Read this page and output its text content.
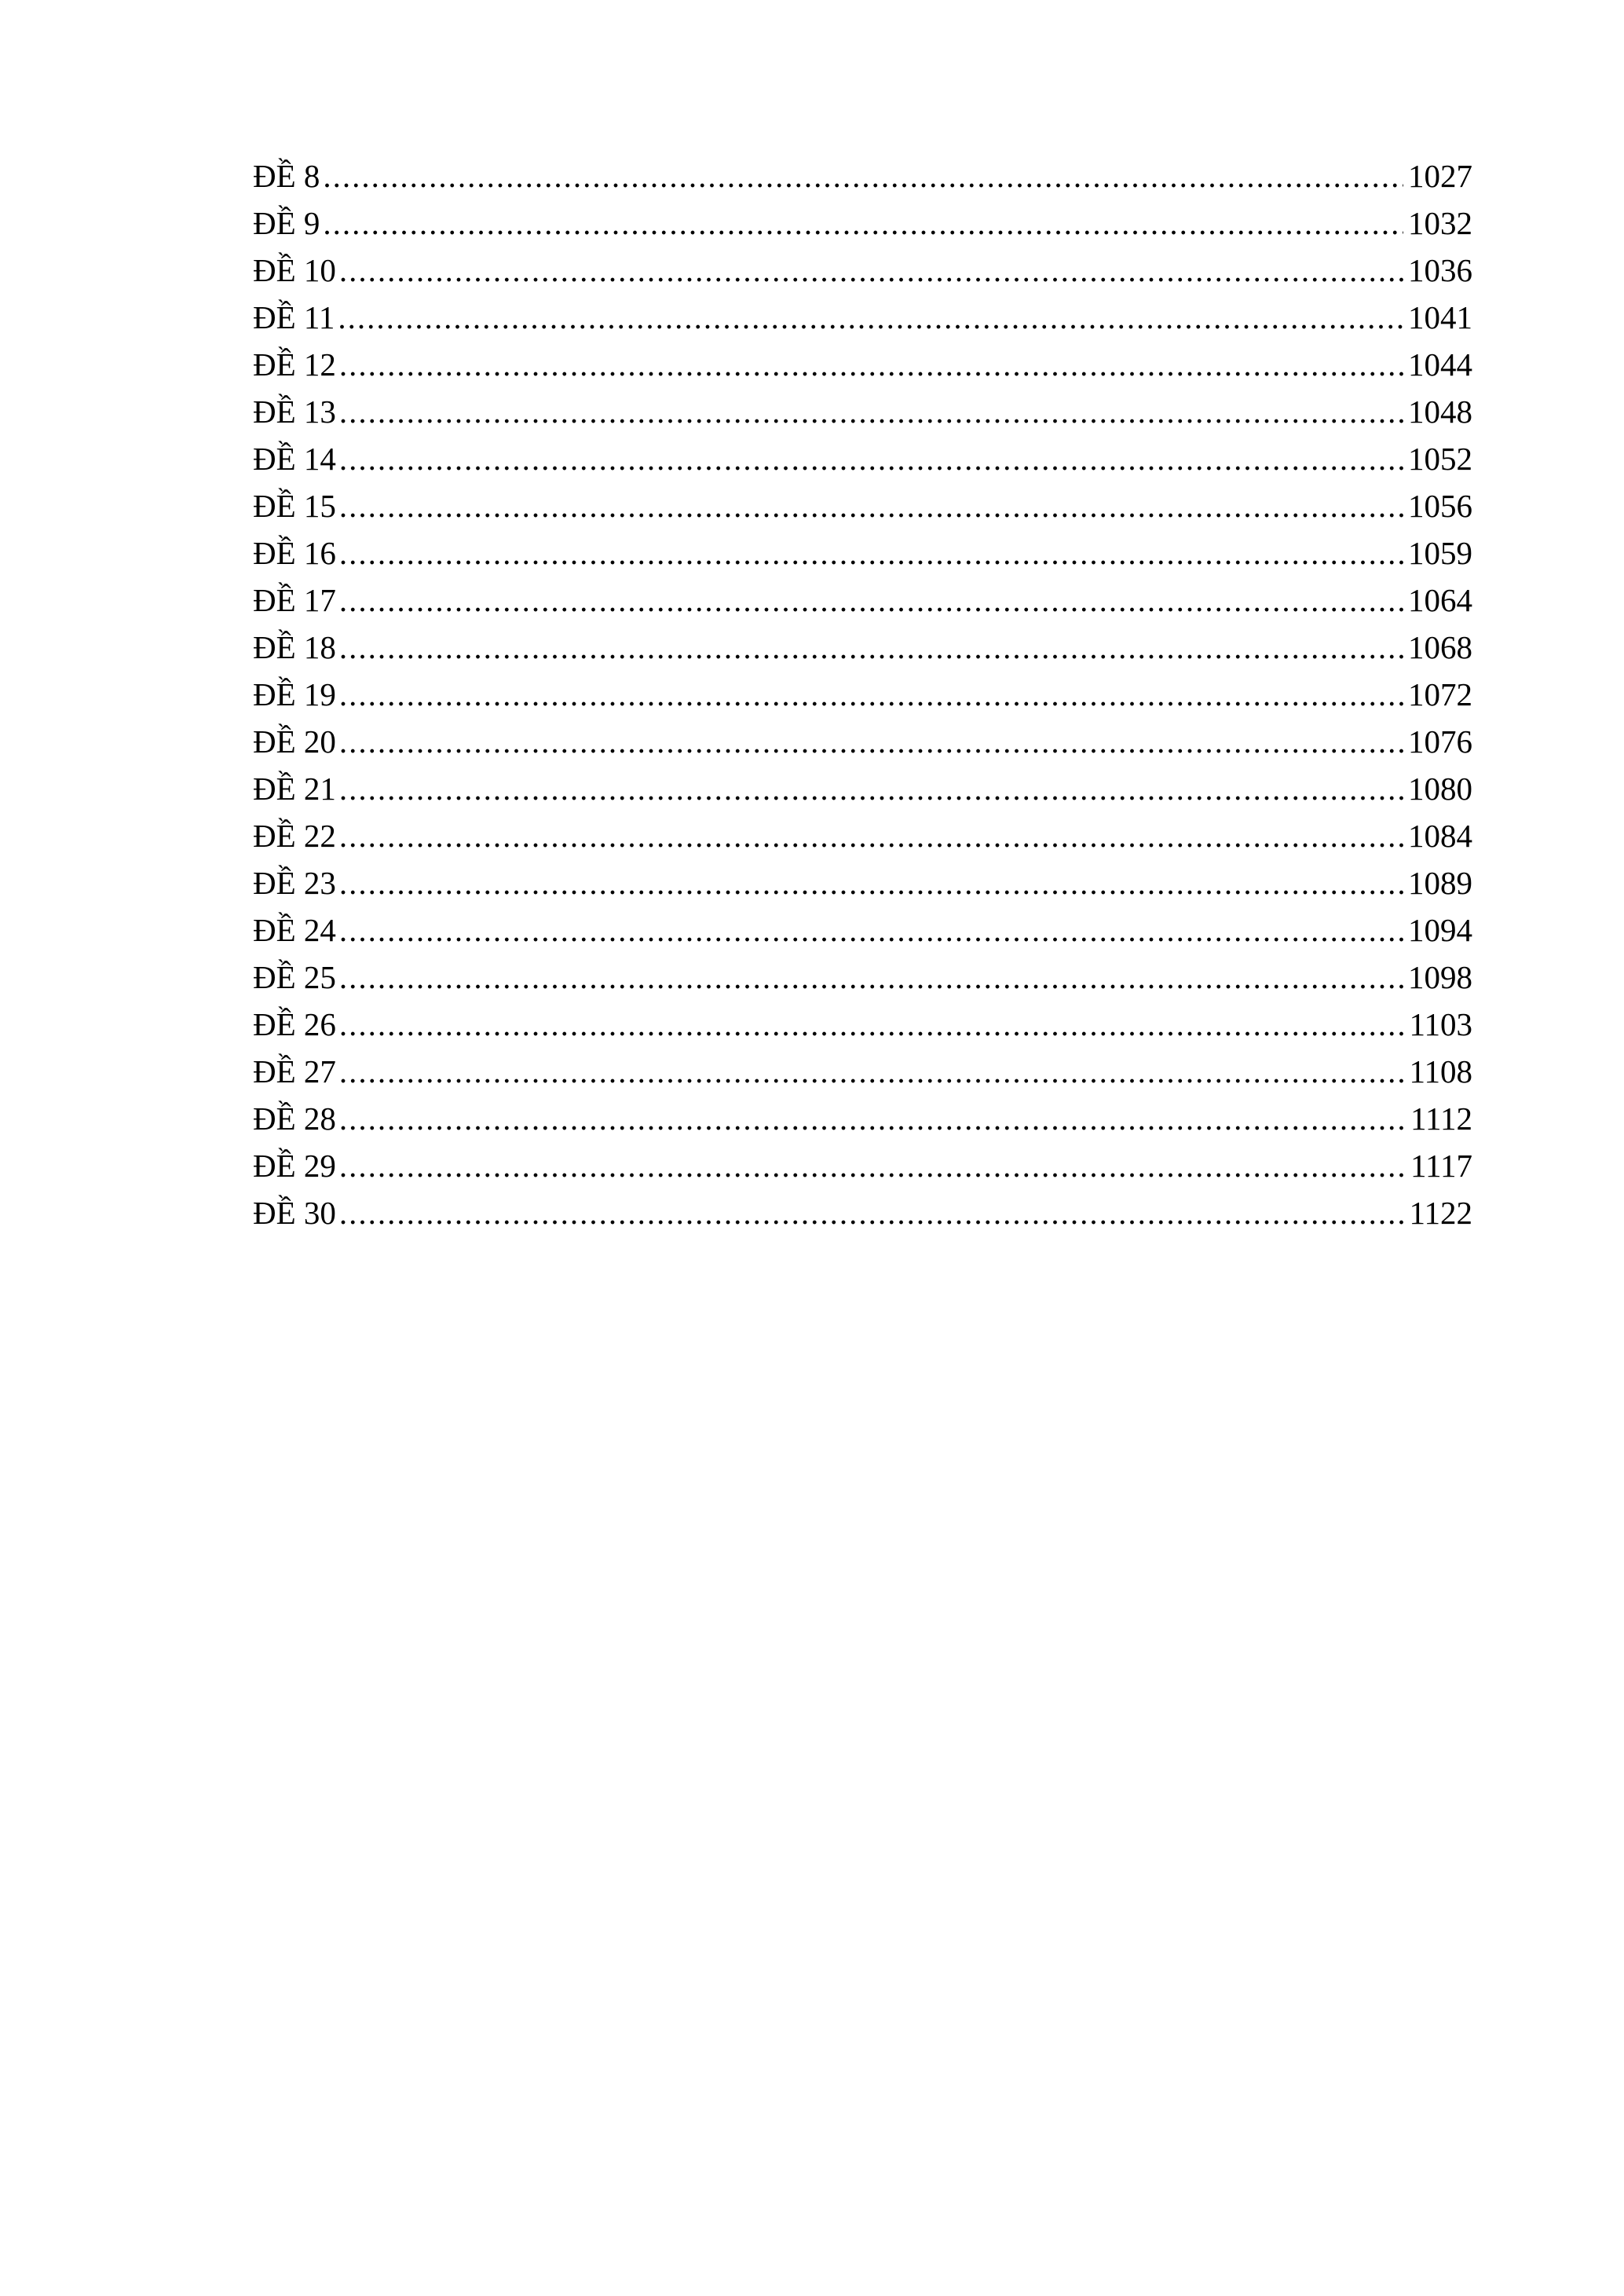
ĐỀ 8 .....	1027
ĐỀ 9 .....	1032
ĐỀ 10 .....	1036
ĐỀ 11 .....	1041
ĐỀ 12 .....	1044
ĐỀ 13 .....	1048
ĐỀ 14 .....	1052
ĐỀ 15 .....	1056
ĐỀ 16 .....	1059
ĐỀ 17 .....	1064
ĐỀ 18 .....	1068
ĐỀ 19 .....	1072
ĐỀ 20 .....	1076
ĐỀ 21 .....	1080
ĐỀ 22 .....	1084
ĐỀ 23 .....	1089
ĐỀ 24 .....	1094
ĐỀ 25 .....	1098
ĐỀ 26 .....	1103
ĐỀ 27 .....	1108
ĐỀ 28 .....	1112
ĐỀ 29 .....	1117
ĐỀ 30 .....	1122
